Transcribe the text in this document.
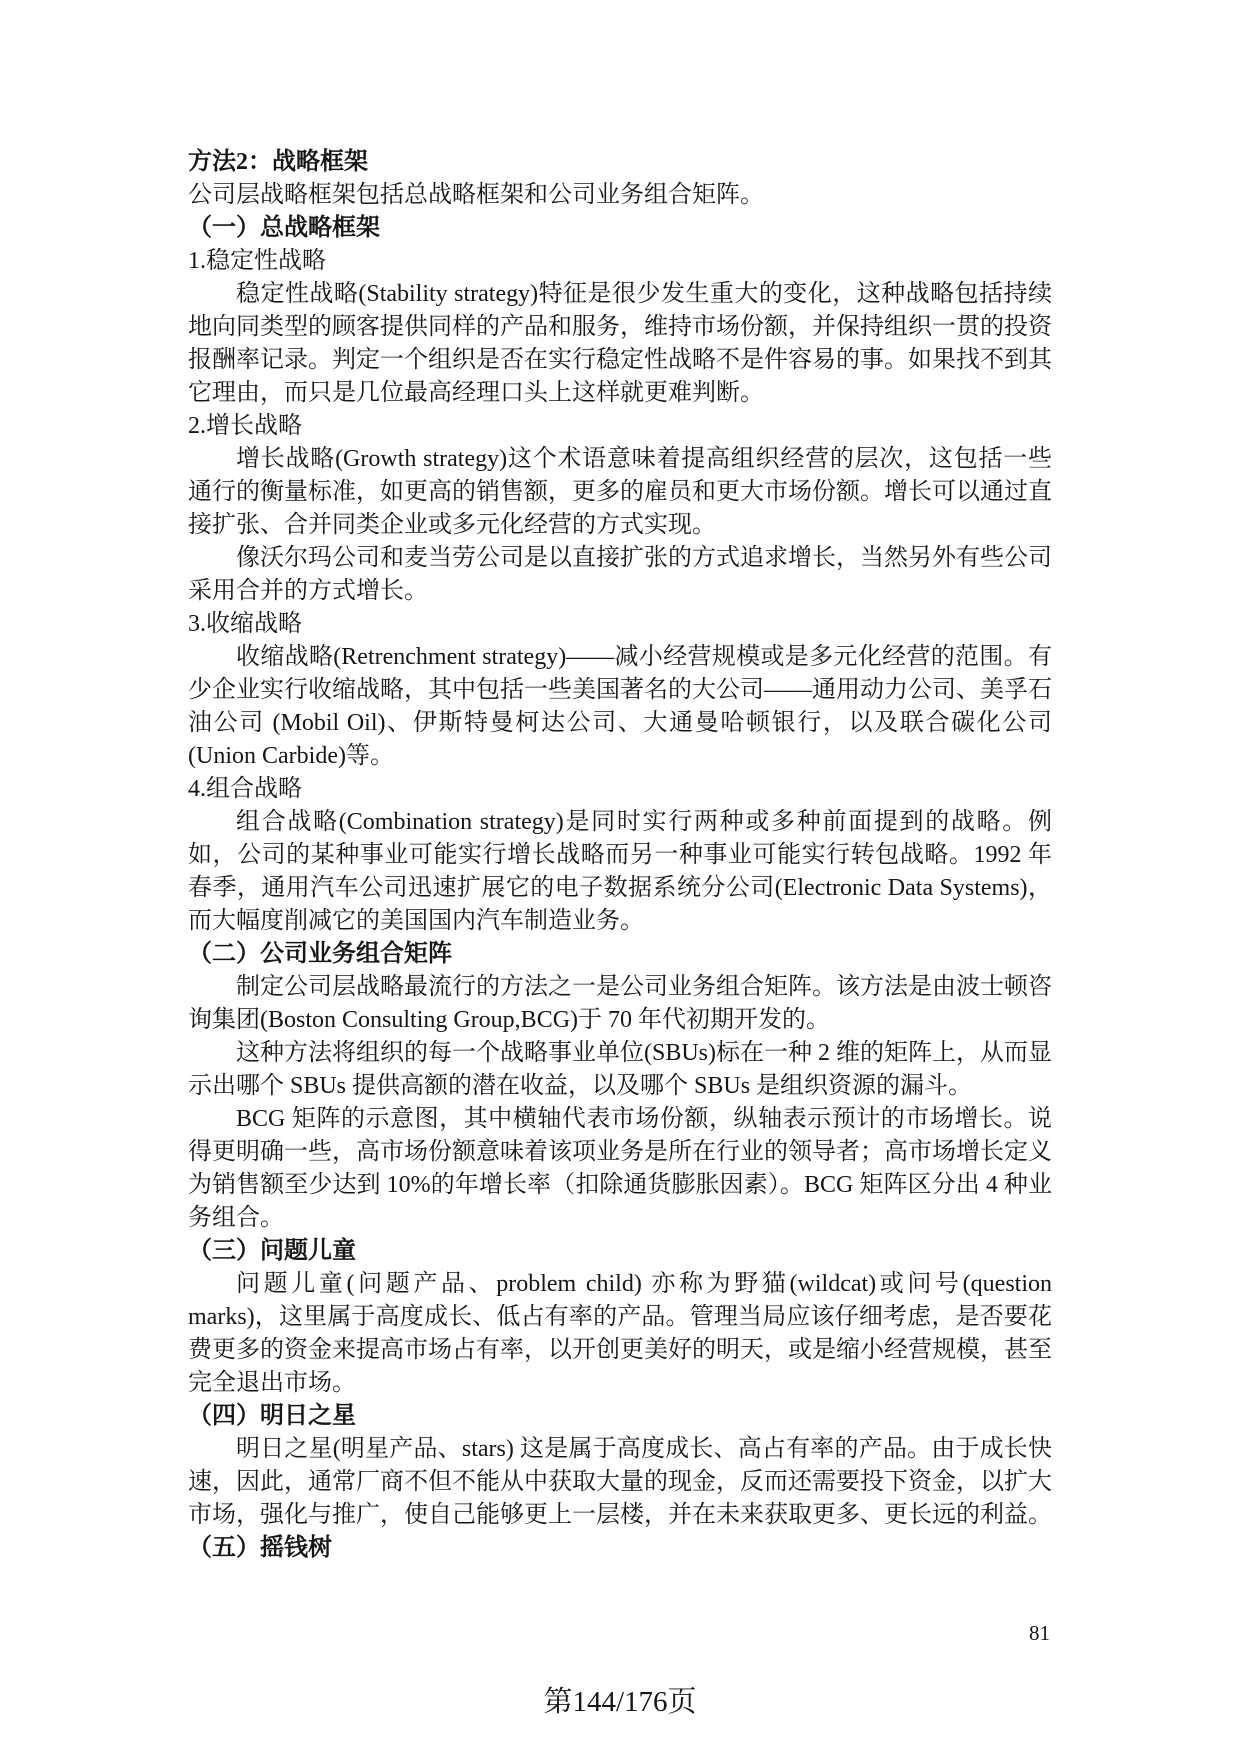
方法2：战略框架

公司层战略框架包括总战略框架和公司业务组合矩阵。

（一）总战略框架

1.稳定性战略

稳定性战略(Stability strategy)特征是很少发生重大的变化，这种战略包括持续地向同类型的顾客提供同样的产品和服务，维持市场份额，并保持组织一贯的投资报酬率记录。判定一个组织是否在实行稳定性战略不是件容易的事。如果找不到其它理由，而只是几位最高经理口头上这样就更难判断。

2.增长战略

增长战略(Growth strategy)这个术语意味着提高组织经营的层次，这包括一些通行的衡量标准，如更高的销售额，更多的雇员和更大市场份额。增长可以通过直接扩张、合并同类企业或多元化经营的方式实现。

像沃尔玛公司和麦当劳公司是以直接扩张的方式追求增长，当然另外有些公司采用合并的方式增长。

3.收缩战略

收缩战略(Retrenchment strategy)——减小经营规模或是多元化经营的范围。有少企业实行收缩战略，其中包括一些美国著名的大公司——通用动力公司、美孚石油公司 (Mobil Oil)、伊斯特曼柯达公司、大通曼哈顿银行，以及联合碳化公司(Union Carbide)等。

4.组合战略

组合战略(Combination strategy)是同时实行两种或多种前面提到的战略。例如，公司的某种事业可能实行增长战略而另一种事业可能实行转包战略。1992 年春季，通用汽车公司迅速扩展它的电子数据系统分公司(Electronic Data Systems)，而大幅度削减它的美国国内汽车制造业务。

（二）公司业务组合矩阵

制定公司层战略最流行的方法之一是公司业务组合矩阵。该方法是由波士顿咨询集团(Boston Consulting Group,BCG)于 70 年代初期开发的。

这种方法将组织的每一个战略事业单位(SBUs)标在一种 2 维的矩阵上，从而显示出哪个 SBUs 提供高额的潜在收益，以及哪个 SBUs 是组织资源的漏斗。

BCG 矩阵的示意图，其中横轴代表市场份额，纵轴表示预计的市场增长。说得更明确一些，高市场份额意味着该项业务是所在行业的领导者；高市场增长定义为销售额至少达到 10%的年增长率（扣除通货膨胀因素）。BCG 矩阵区分出 4 种业务组合。

（三）问题儿童

问题儿童(问题产品、problem child) 亦称为野猫(wildcat)或问号(question marks)，这里属于高度成长、低占有率的产品。管理当局应该仔细考虑，是否要花费更多的资金来提高市场占有率，以开创更美好的明天，或是缩小经营规模，甚至完全退出市场。

（四）明日之星

明日之星(明星产品、stars) 这是属于高度成长、高占有率的产品。由于成长快速，因此，通常厂商不但不能从中获取大量的现金，反而还需要投下资金，以扩大市场，强化与推广，使自己能够更上一层楼，并在未来获取更多、更长远的利益。

（五）摇钱树

81
第144/176页
